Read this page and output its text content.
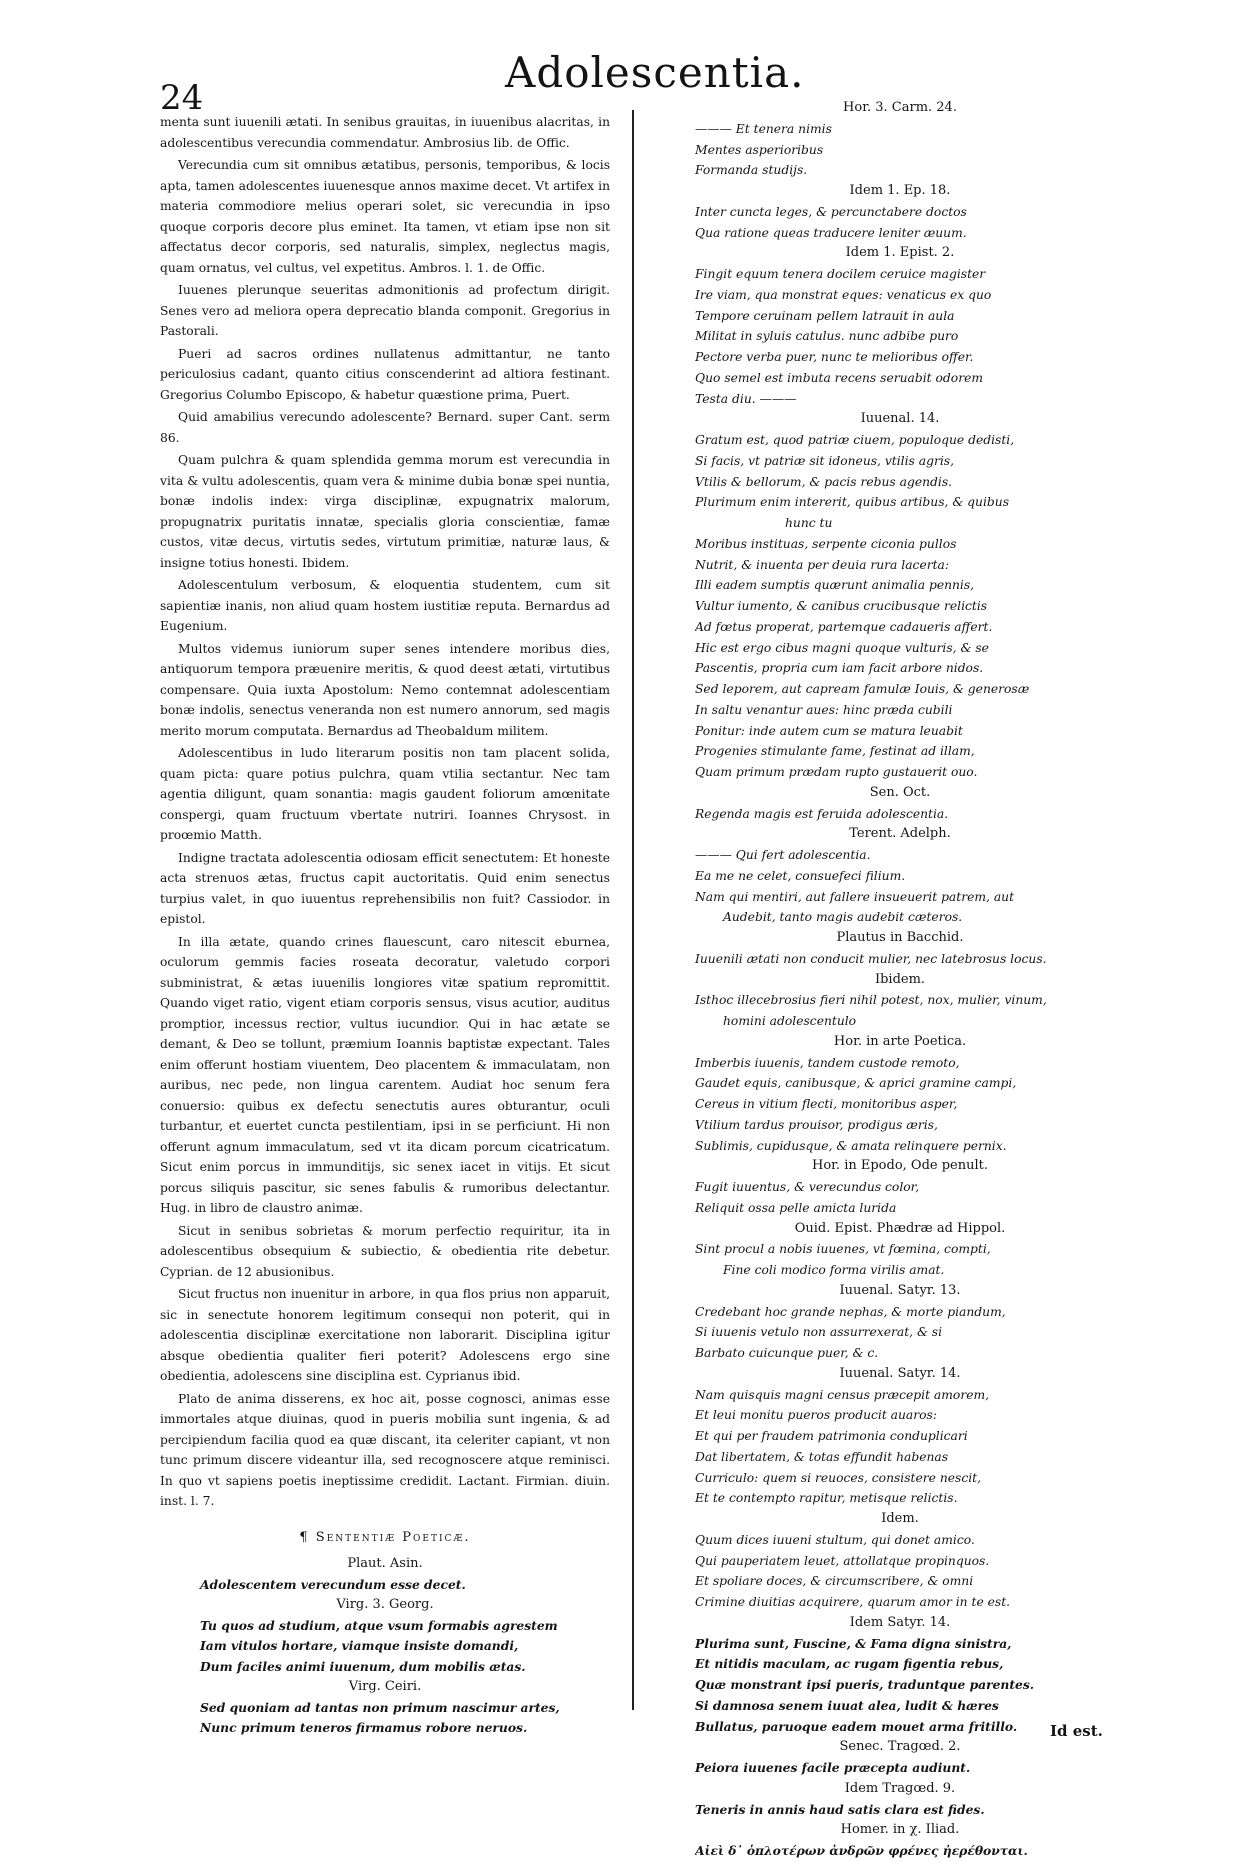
24
Adolescentia.

menta sunt iuuenili ætati. In senibus grauitas, in iuuenibus alacritas, in adolescentibus verecundia commendatur. Ambrosius lib. de Offic.

Verecundia cum sit omnibus ætatibus, personis, temporibus, & locis apta, tamen adolescentes iuuenesque annos maxime decet. Vt artifex in materia commodiore melius operari solet, sic verecundia in ipso quoque corporis decore plus eminet. Ita tamen, vt etiam ipse non sit affectatus decor corporis, sed naturalis, simplex, neglectus magis, quam ornatus, vel cultus, vel expetitus. Ambros. l. 1. de Offic.

Iuuenes plerunque seueritas admonitionis ad profectum dirigit. Senes vero ad meliora opera deprecatio blanda componit. Gregorius in Pastorali.

Pueri ad sacros ordines nullatenus admittantur, ne tanto periculosius cadant, quanto citius conscenderint ad altiora festinant. Gregorius Columbo Episcopo, & habetur quæstione prima, Puert.

Quid amabilius verecundo adolescente? Bernard. super Cant. serm 86.

Quam pulchra & quam splendida gemma morum est verecundia in vita & vultu adolescentis, quam vera & minime dubia bonæ spei nuntia, bonæ indolis index: virga disciplinæ, expugnatrix malorum, propugnatrix puritatis innatæ, specialis gloria conscientiæ, famæ custos, vitæ decus, virtutis sedes, virtutum primitiæ, naturæ laus, & insigne totius honesti. Ibidem.

Adolescentulum verbosum, & eloquentia studentem, cum sit sapientiæ inanis, non aliud quam hostem iustitiæ reputa. Bernardus ad Eugenium.

Multos videmus iuniorum super senes intendere moribus dies, antiquorum tempora præuenire meritis, & quod deest ætati, virtutibus compensare. Quia iuxta Apostolum: Nemo contemnat adolescentiam bonæ indolis, senectus veneranda non est numero annorum, sed magis merito morum computata. Bernardus ad Theobaldum militem.

Adolescentibus in ludo literarum positis non tam placent solida, quam picta: quare potius pulchra, quam vtilia sectantur. Nec tam agentia diligunt, quam sonantia: magis gaudent foliorum amœnitate conspergi, quam fructuum vbertate nutriri. Ioannes Chrysost. in proœmio Matth.

Indigne tractata adolescentia odiosam efficit senectutem: Et honeste acta strenuos ætas, fructus capit auctoritatis. Quid enim senectus turpius valet, in quo iuuentus reprehensibilis non fuit? Cassiodor. in epistol.

In illa ætate, quando crines flauescunt, caro nitescit eburnea, oculorum gemmis facies roseata decoratur, valetudo corpori subministrat, & ætas iuuenilis longiores vitæ spatium repromittit. Quando viget ratio, vigent etiam corporis sensus, visus acutior, auditus promptior, incessus rectior, vultus iucundior. Qui in hac ætate se demant, & Deo se tollunt, præmium Ioannis baptistæ expectant. Tales enim offerunt hostiam viuentem, Deo placentem & immaculatam, non auribus, nec pede, non lingua carentem. Audiat hoc senum fera conuersio: quibus ex defectu senectutis aures obturantur, oculi turbantur, et euertet cuncta pestilentiam, ipsi in se perficiunt. Hi non offerunt agnum immaculatum, sed vt ita dicam porcum cicatricatum. Sicut enim porcus in immunditijs, sic senex iacet in vitijs. Et sicut porcus siliquis pascitur, sic senes fabulis & rumoribus delectantur. Hug. in libro de claustro animæ.

Sicut in senibus sobrietas & morum perfectio requiritur, ita in adolescentibus obsequium & subiectio, & obedientia rite debetur. Cyprian. de 12 abusionibus.

Sicut fructus non inuenitur in arbore, in qua flos prius non apparuit, sic in senectute honorem legitimum consequi non poterit, qui in adolescentia disciplinæ exercitatione non laborarit. Disciplina igitur absque obedientia qualiter fieri poterit? Adolescens ergo sine obedientia, adolescens sine disciplina est. Cyprianus ibid.

Plato de anima disserens, ex hoc ait, posse cognosci, animas esse immortales atque diuinas, quod in pueris mobilia sunt ingenia, & ad percipiendum facilia quod ea quæ discant, ita celeriter capiant, vt non tunc primum discere videantur illa, sed recognoscere atque reminisci. In quo vt sapiens poetis ineptissime credidit. Lactant. Firmian. diuin. inst. l. 7.

¶ Sententiæ Poeticæ.
Plaut. Asin.
Adolescentem verecundum esse decet.
Virg. 3. Georg.
Tu quos ad studium, atque vsum formabis agrestem
Iam vitulos hortare, viamque insiste domandi,
Dum faciles animi iuuenum, dum mobilis ætas.
Virg. Ceiri.
Sed quoniam ad tantas non primum nascimur artes,
Nunc primum teneros firmamus robore neruos.
Hor. 3. Carm. 24.
——— Et tenera nimis
Mentes asperioribus
Formanda studijs.
Idem 1. Ep. 18.
Inter cuncta leges, & percunctabere doctos
Qua ratione queas traducere leniter æuum.
Idem 1. Epist. 2.
Fingit equum tenera docilem ceruice magister
Ire viam, qua monstrat eques: venaticus ex quo
Tempore ceruinam pellem latrauit in aula
Militat in syluis catulus. nunc adbibe puro
Pectore verba puer, nunc te melioribus offer.
Quo semel est imbuta recens seruabit odorem
Testa diu. ———
Iuuenal. 14.
Gratum est, quod patriæ ciuem, populoque dedisti,
Si facis, vt patriæ sit idoneus, vtilis agris,
Vtilis & bellorum, & pacis rebus agendis.
Plurimum enim intererit, quibus artibus, & quibus
hunc tu
Moribus instituas, serpente ciconia pullos
Nutrit, & inuenta per deuia rura lacerta:
Illi eadem sumptis quærunt animalia pennis,
Vultur iumento, & canibus crucibusque relictis
Ad fœtus properat, partemque cadaueris affert.
Hic est ergo cibus magni quoque vulturis, & se
Pascentis, propria cum iam facit arbore nidos.
Sed leporem, aut capream famulæ Iouis, & generosæ
In saltu venantur aues: hinc præda cubili
Ponitur: inde autem cum se matura leuabit
Progenies stimulante fame, festinat ad illam,
Quam primum prædam rupto gustauerit ouo.
Sen. Oct.
Regenda magis est feruida adolescentia.
Terent. Adelph.
——— Qui fert adolescentia.
Ea me ne celet, consuefeci filium.
Nam qui mentiri, aut fallere insueuerit patrem, aut
Audebit, tanto magis audebit cæteros.
Plautus in Bacchid.
Iuuenili ætati non conducit mulier, nec latebrosus locus.
Ibidem.
Isthoc illecebrosius fieri nihil potest, nox, mulier, vinum,
homini adolescentulo
Hor. in arte Poetica.
Imberbis iuuenis, tandem custode remoto,
Gaudet equis, canibusque, & aprici gramine campi,
Cereus in vitium flecti, monitoribus asper,
Vtilium tardus prouisor, prodigus æris,
Sublimis, cupidusque, & amata relinquere pernix.
Hor. in Epodo, Ode penult.
Fugit iuuentus, & verecundus color,
Reliquit ossa pelle amicta lurida
Ouid. Epist. Phædræ ad Hippol.
Sint procul a nobis iuuenes, vt fœmina, compti,
Fine coli modico forma virilis amat.
Iuuenal. Satyr. 13.
Credebant hoc grande nephas, & morte piandum,
Si iuuenis vetulo non assurrexerat, & si
Barbato cuicunque puer, & c.
Iuuenal. Satyr. 14.
Nam quisquis magni census præcepit amorem,
Et leui monitu pueros producit auaros:
Et qui per fraudem patrimonia conduplicari
Dat libertatem, & totas effundit habenas
Curriculo: quem si reuoces, consistere nescit,
Et te contempto rapitur, metisque relictis.
Idem.
Quum dices iuueni stultum, qui donet amico.
Qui pauperiatem leuet, attollatque propinquos.
Et spoliare doces, & circumscribere, & omni
Crimine diuitias acquirere, quarum amor in te est.
Idem Satyr. 14.
Plurima sunt, Fuscine, & Fama digna sinistra,
Et nitidis maculam, ac rugam figentia rebus,
Quæ monstrant ipsi pueris, traduntque parentes.
Si damnosa senem iuuat alea, ludit & hæres
Bullatus, paruoque eadem mouet arma fritillo.
Senec. Tragœd. 2.
Peiora iuuenes facile præcepta audiunt.
Idem Tragœd. 9.
Teneris in annis haud satis clara est fides.
Homer. in χ. Iliad.
Αἰεὶ δ᾽ ὁπλοτέρων ἀνδρῶν φρένες ἠερέθονται.
Id est.
